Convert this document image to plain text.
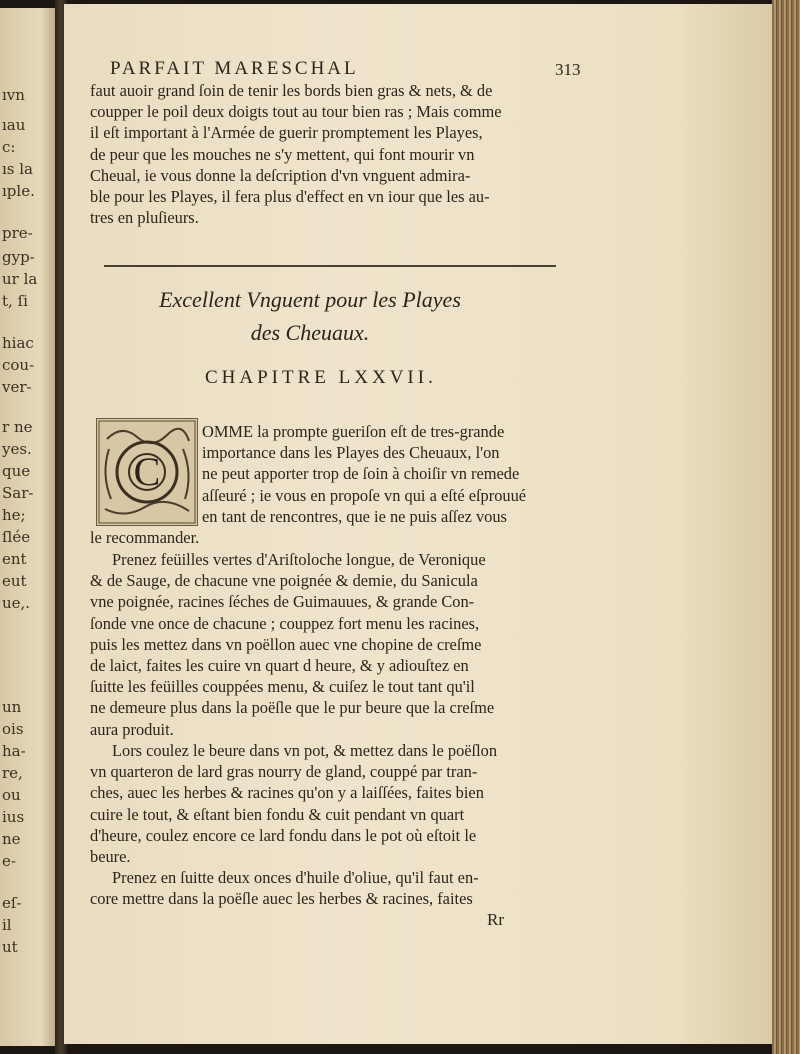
ıvn
ıau
c:
ıs la
ıple.
pre-
gyp-
ur la
t, ſi
hiac
cou-
ver-
r ne
yes.
que
Sar-
he;
ſlée
ent
eut
ue,.
un
ois
ha-
re,
ou
ius
ne
e-
eſ-
il
ut
PARFAIT MARESCHAL	313
faut auoir grand ſoin de tenir les bords bien gras & nets, & de
coupper le poil deux doigts tout au tour bien ras ; Mais comme
il eſt important à l'Armée de guerir promptement les Playes,
de peur que les mouches ne s'y mettent, qui font mourir vn
Cheual, ie vous donne la deſcription d'vn vnguent admira-
ble pour les Playes, il fera plus d'effect en vn iour que les au-
tres en pluſieurs.
Excellent Vnguent pour les Playes
des Cheuaux.
CHAPITRE LXXVII.
C
OMME la prompte gueriſon eſt de tres-grande
importance dans les Playes des Cheuaux, l'on
ne peut apporter trop de ſoin à choiſir vn remede
aſſeuré ; ie vous en propoſe vn qui a eſté eſprouué
en tant de rencontres, que ie ne puis aſſez vous
le recommander.
Prenez feüilles vertes d'Ariſtoloche longue, de Veronique
& de Sauge, de chacune vne poignée & demie, du Sanicula
vne poignée, racines ſéches de Guimauues, & grande Con-
ſonde vne once de chacune ; couppez fort menu les racines,
puis les mettez dans vn poëllon auec vne chopine de creſme
de laict, faites les cuire vn quart d heure, & y adiouſtez en
ſuitte les feüilles couppées menu, & cuiſez le tout tant qu'il
ne demeure plus dans la poëſle que le pur beure que la creſme
aura produit.
Lors coulez le beure dans vn pot, & mettez dans le poëſlon
vn quarteron de lard gras nourry de gland, couppé par tran-
ches, auec les herbes & racines qu'on y a laiſſées, faites bien
cuire le tout, & eſtant bien fondu & cuit pendant vn quart
d'heure, coulez encore ce lard fondu dans le pot où eſtoit le
beure.
Prenez en ſuitte deux onces d'huile d'oliue, qu'il faut en-
core mettre dans la poëſle auec les herbes & racines, faites
Rr
